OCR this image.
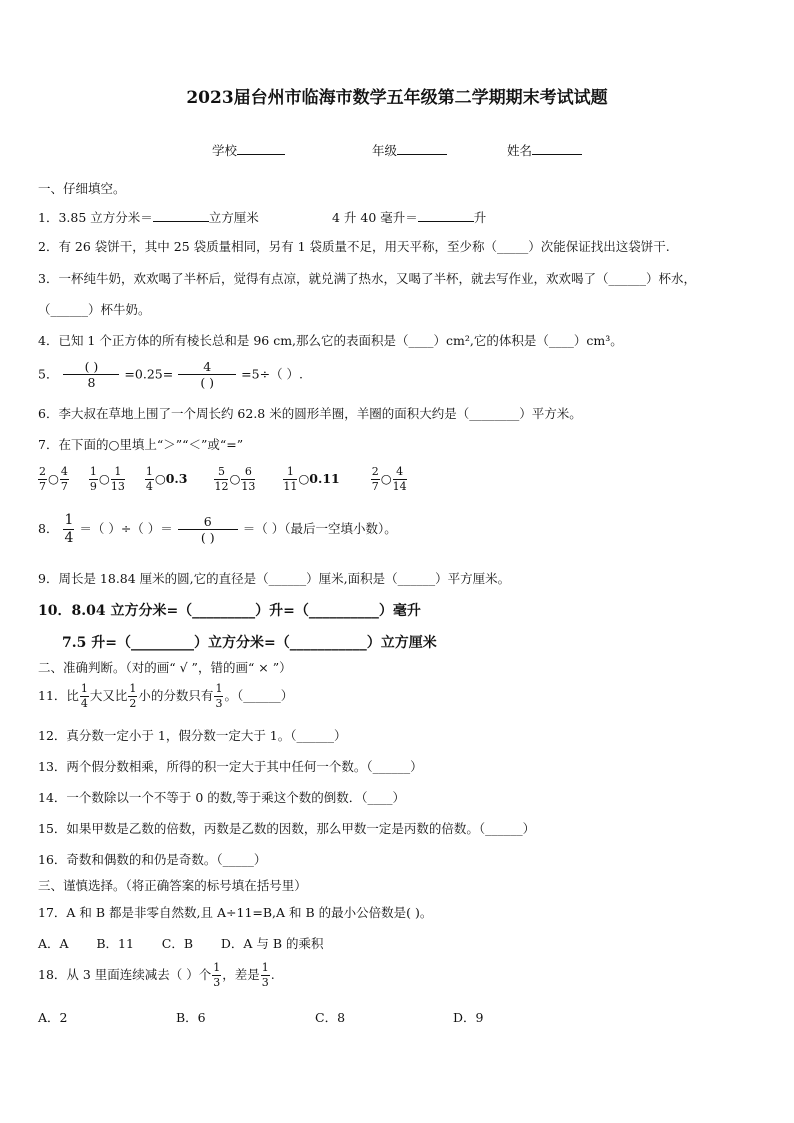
2023届台州市临海市数学五年级第二学期期末考试试题
学校	年级	姓名
一、仔细填空。
1．3.85 立方分米＝	立方厘米	4 升 40 毫升＝	升
2．有 26 袋饼干，其中 25 袋质量相同，另有 1 袋质量不足，用天平称，至少称（_____）次能保证找出这袋饼干.
3．一杯纯牛奶，欢欢喝了半杯后，觉得有点凉，就兑满了热水，又喝了半杯，就去写作业，欢欢喝了（______）杯水，
（______）杯牛奶。
4．已知 1 个正方体的所有棱长总和是 96 cm,那么它的表面积是（____）cm²,它的体积是（____）cm³。
5． $\frac{( )}{8} =0.25= \frac{4}{( )} =5\div$（ ）.
6．李大叔在草地上围了一个周长约 62.8 米的圆形羊圈，羊圈的面积大约是（________）平方米。
7．在下面的○里填上“＞”“＜”或“=”
$\frac{2}{7}$ ○ $\frac{4}{7}$
$\frac{1}{9}$ ○ $\frac{1}{13}$
$\frac{1}{4}$ ○0.3 $\frac{5}{12}$ ○ $\frac{6}{13}$
	$\frac{1}{11}$ ○0.11	$\frac{2}{7}$ ○ $\frac{4}{14}$
8． $\frac{1}{4}$ ＝（ ）÷（ ）＝ $\frac{6}{( )}$ ＝（ ）（最后一空填小数）。
9．周长是 18.84 厘米的圆,它的直径是（______）厘米,面积是（______）平方厘米。
10．8.04 立方分米=（_________）升=（__________）毫升
7.5 升=（_________）立方分米=（___________）立方厘米
二、准确判断。（对的画“ √ ”，错的画“ × ”）
11．比 $\frac{1}{4}$ 大又比 $\frac{1}{2}$ 小的分数只有 $\frac{1}{3}$ 。（______）
12．真分数一定小于 1，假分数一定大于 1。（______）
13．两个假分数相乘，所得的积一定大于其中任何一个数。（______）
14．一个数除以一个不等于 0 的数,等于乘这个数的倒数．（____）
15．如果甲数是乙数的倍数，丙数是乙数的因数，那么甲数一定是丙数的倍数。（______）
16．奇数和偶数的和仍是奇数。（_____）
三、谨慎选择。（将正确答案的标号填在括号里）
17．A 和 B 都是非零自然数,且 A÷11=B,A 和 B 的最小公倍数是( )。
A．A       B．11       C．B       D．A 与 B 的乘积
18．从 3 里面连续减去（ ）个 $\frac{1}{3}$ ，差是 $\frac{1}{3}$ .
A．2	B．6	C．8	D．9
